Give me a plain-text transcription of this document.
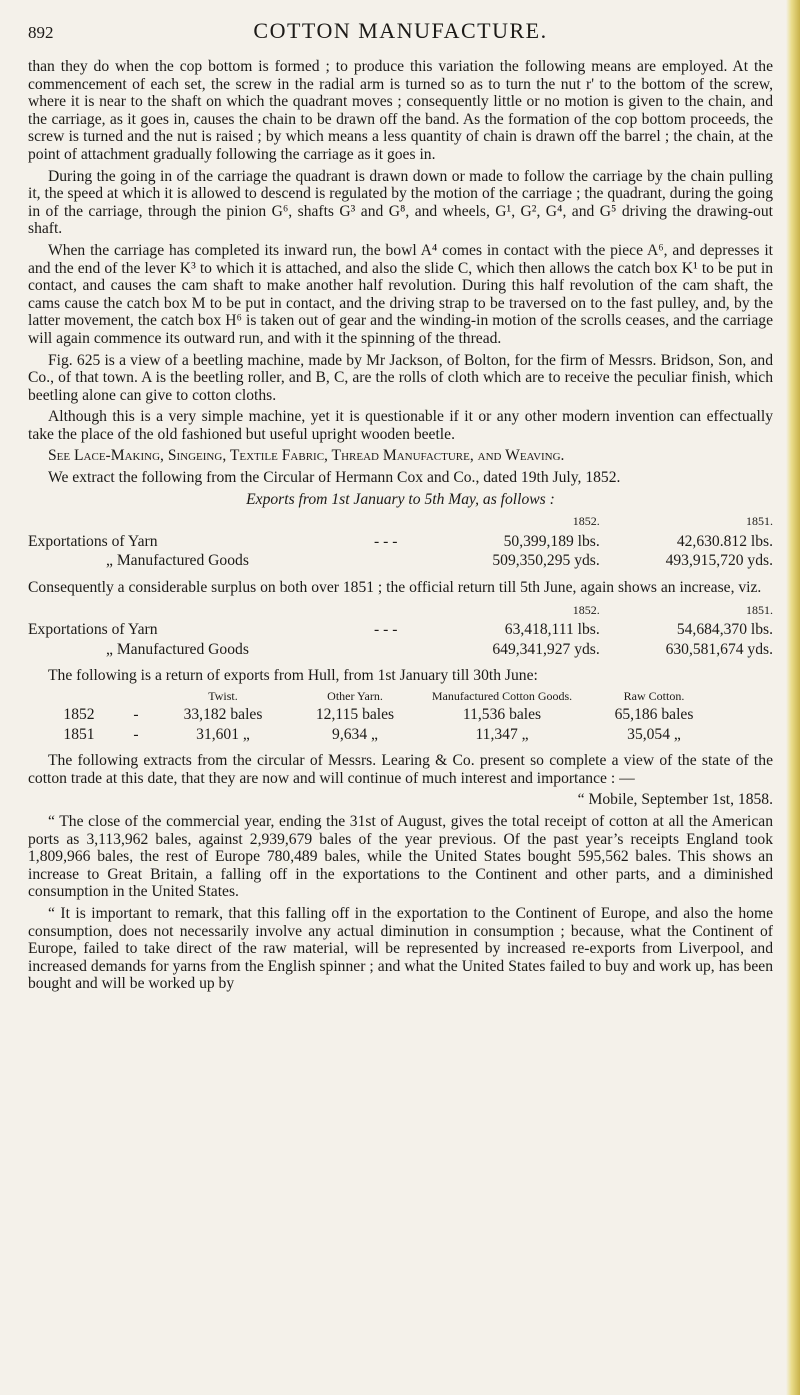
892	COTTON MANUFACTURE.

than they do when the cop bottom is formed ; to produce this variation the following means are employed. At the commencement of each set, the screw in the radial arm is turned so as to turn the nut r' to the bottom of the screw, where it is near to the shaft on which the quadrant moves ; consequently little or no motion is given to the chain, and the carriage, as it goes in, causes the chain to be drawn off the band. As the formation of the cop bottom proceeds, the screw is turned and the nut is raised ; by which means a less quantity of chain is drawn off the barrel ; the chain, at the point of attachment gradually following the carriage as it goes in.

During the going in of the carriage the quadrant is drawn down or made to follow the carriage by the chain pulling it, the speed at which it is allowed to descend is regulated by the motion of the carriage ; the quadrant, during the going in of the carriage, through the pinion G⁶, shafts G³ and G⁸, and wheels, G¹, G², G⁴, and G⁵ driving the drawing-out shaft.

When the carriage has completed its inward run, the bowl A⁴ comes in contact with the piece A⁶, and depresses it and the end of the lever K³ to which it is attached, and also the slide C, which then allows the catch box K¹ to be put in contact, and causes the cam shaft to make another half revolution. During this half revolution of the cam shaft, the cams cause the catch box M to be put in contact, and the driving strap to be traversed on to the fast pulley, and, by the latter movement, the catch box H⁶ is taken out of gear and the winding-in motion of the scrolls ceases, and the carriage will again commence its outward run, and with it the spinning of the thread.

Fig. 625 is a view of a beetling machine, made by Mr Jackson, of Bolton, for the firm of Messrs. Bridson, Son, and Co., of that town. A is the beetling roller, and B, C, are the rolls of cloth which are to receive the peculiar finish, which beetling alone can give to cotton cloths.

Although this is a very simple machine, yet it is questionable if it or any other modern invention can effectually take the place of the old fashioned but useful upright wooden beetle.

See Lace-Making, Singeing, Textile Fabric, Thread Manufacture, and Weaving.

We extract the following from the Circular of Hermann Cox and Co., dated 19th July, 1852.

Exports from 1st January to 5th May, as follows :

		1852.	1851.
Exportations of Yarn	- - -	50,399,189 lbs.	42,630.812 lbs.
„ Manufactured Goods		509,350,295 yds.	493,915,720 yds.

Consequently a considerable surplus on both over 1851 ; the official return till 5th June, again shows an increase, viz.

		1852.	1851.
Exportations of Yarn	- - -	63,418,111 lbs.	54,684,370 lbs.
„ Manufactured Goods		649,341,927 yds.	630,581,674 yds.

The following is a return of exports from Hull, from 1st January till 30th June:

		Twist.	Other Yarn.	Manufactured Cotton Goods.	Raw Cotton.
1852	-	33,182 bales	12,115 bales	11,536 bales	65,186 bales
1851	-	31,601 „	9,634 „	11,347 „	35,054 „

The following extracts from the circular of Messrs. Learing & Co. present so complete a view of the state of the cotton trade at this date, that they are now and will continue of much interest and importance : —

“ Mobile, September 1st, 1858.

“ The close of the commercial year, ending the 31st of August, gives the total receipt of cotton at all the American ports as 3,113,962 bales, against 2,939,679 bales of the year previous. Of the past year’s receipts England took 1,809,966 bales, the rest of Europe 780,489 bales, while the United States bought 595,562 bales. This shows an increase to Great Britain, a falling off in the exportations to the Continent and other parts, and a diminished consumption in the United States.

“ It is important to remark, that this falling off in the exportation to the Continent of Europe, and also the home consumption, does not necessarily involve any actual diminution in consumption ; because, what the Continent of Europe, failed to take direct of the raw material, will be represented by increased re-exports from Liverpool, and increased demands for yarns from the English spinner ; and what the United States failed to buy and work up, has been bought and will be worked up by
